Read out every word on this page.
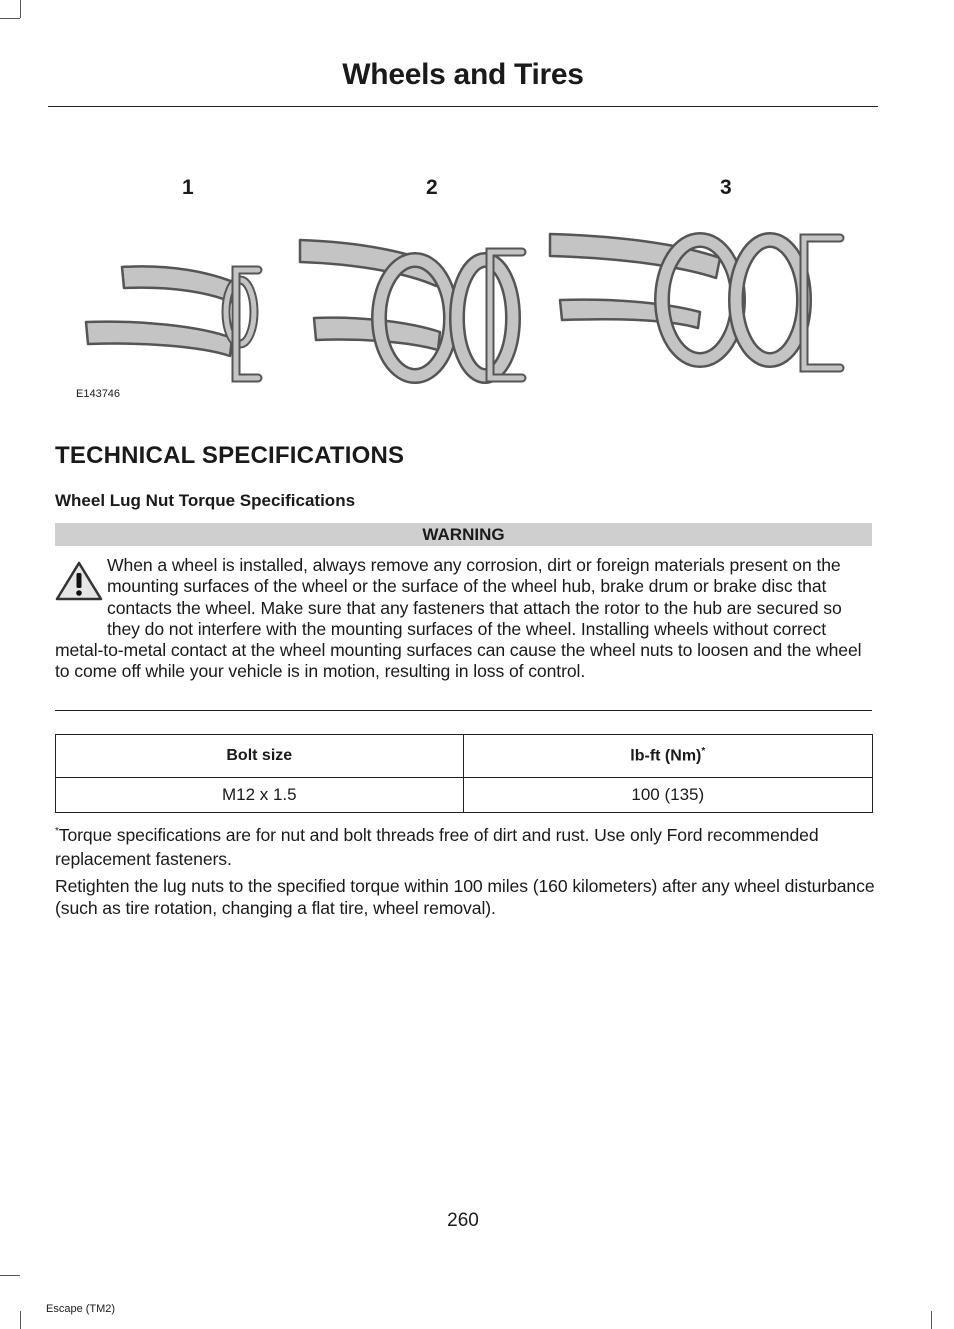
Wheels and Tires
1	2	3
E143746
TECHNICAL SPECIFICATIONS
Wheel Lug Nut Torque Specifications
WARNING
When a wheel is installed, always remove any corrosion, dirt or foreign materials present on the mounting surfaces of the wheel or the surface of the wheel hub, brake drum or brake disc that contacts the wheel. Make sure that any fasteners that attach the rotor to the hub are secured so they do not interfere with the mounting surfaces of the wheel. Installing wheels without correct metal-to-metal contact at the wheel mounting surfaces can cause the wheel nuts to loosen and the wheel to come off while your vehicle is in motion, resulting in loss of control.
Bolt size	lb-ft (Nm)*
M12 x 1.5	100 (135)
*Torque specifications are for nut and bolt threads free of dirt and rust. Use only Ford recommended replacement fasteners.
Retighten the lug nuts to the specified torque within 100 miles (160 kilometers) after any wheel disturbance (such as tire rotation, changing a flat tire, wheel removal).
260
Escape (TM2)
